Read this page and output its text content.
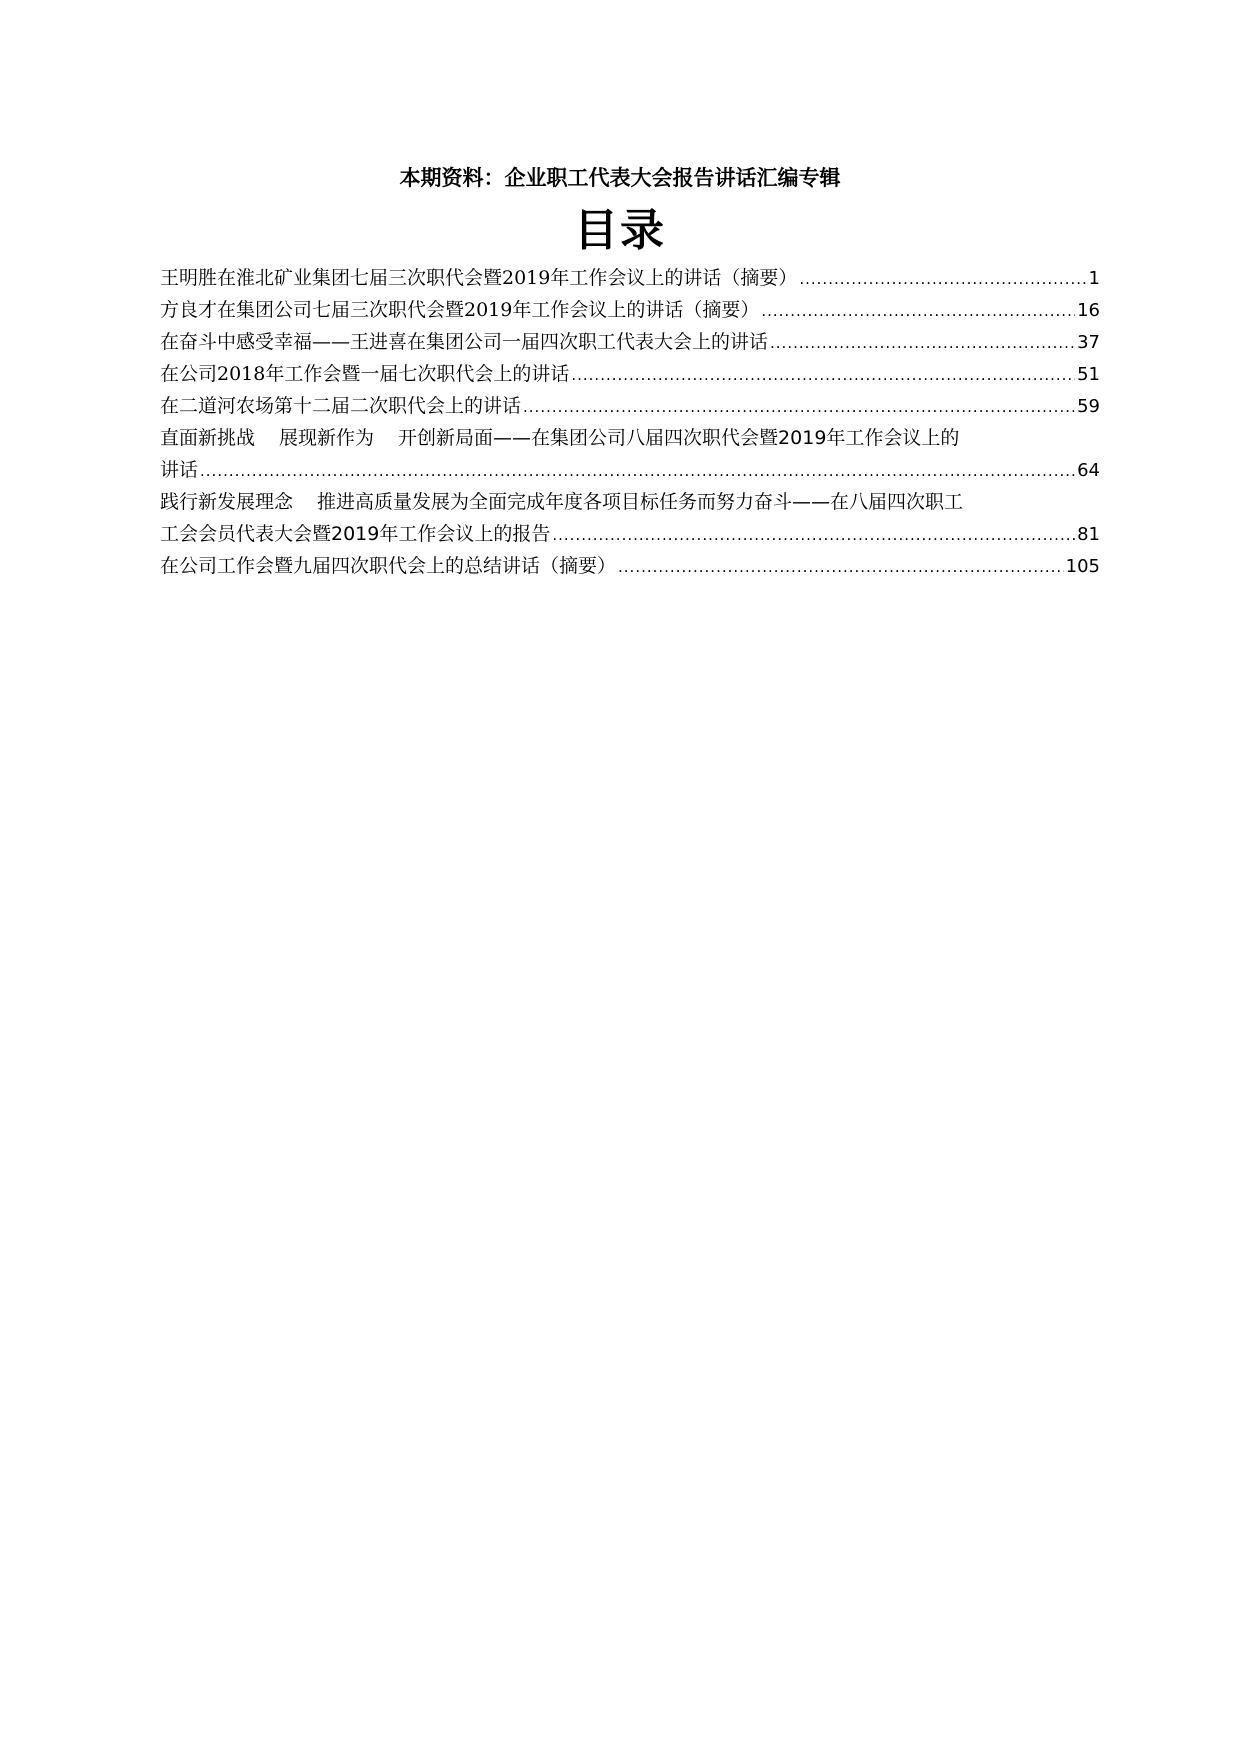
本期资料：企业职工代表大会报告讲话汇编专辑
目录
王明胜在淮北矿业集团七届三次职代会暨2019年工作会议上的讲话（摘要） .....	1
方良才在集团公司七届三次职代会暨2019年工作会议上的讲话（摘要） .....	16
在奋斗中感受幸福——王进喜在集团公司一届四次职工代表大会上的讲话 .....	37
在公司2018年工作会暨一届七次职代会上的讲话 .....	51
在二道河农场第十二届二次职代会上的讲话 .....	59
直面新挑战 展现新作为 开创新局面——在集团公司八届四次职代会暨2019年工作会议上的
讲话 .....	64
践行新发展理念 推进高质量发展为全面完成年度各项目标任务而努力奋斗——在八届四次职工
工会会员代表大会暨2019年工作会议上的报告 .....	81
在公司工作会暨九届四次职代会上的总结讲话（摘要） .....	105
